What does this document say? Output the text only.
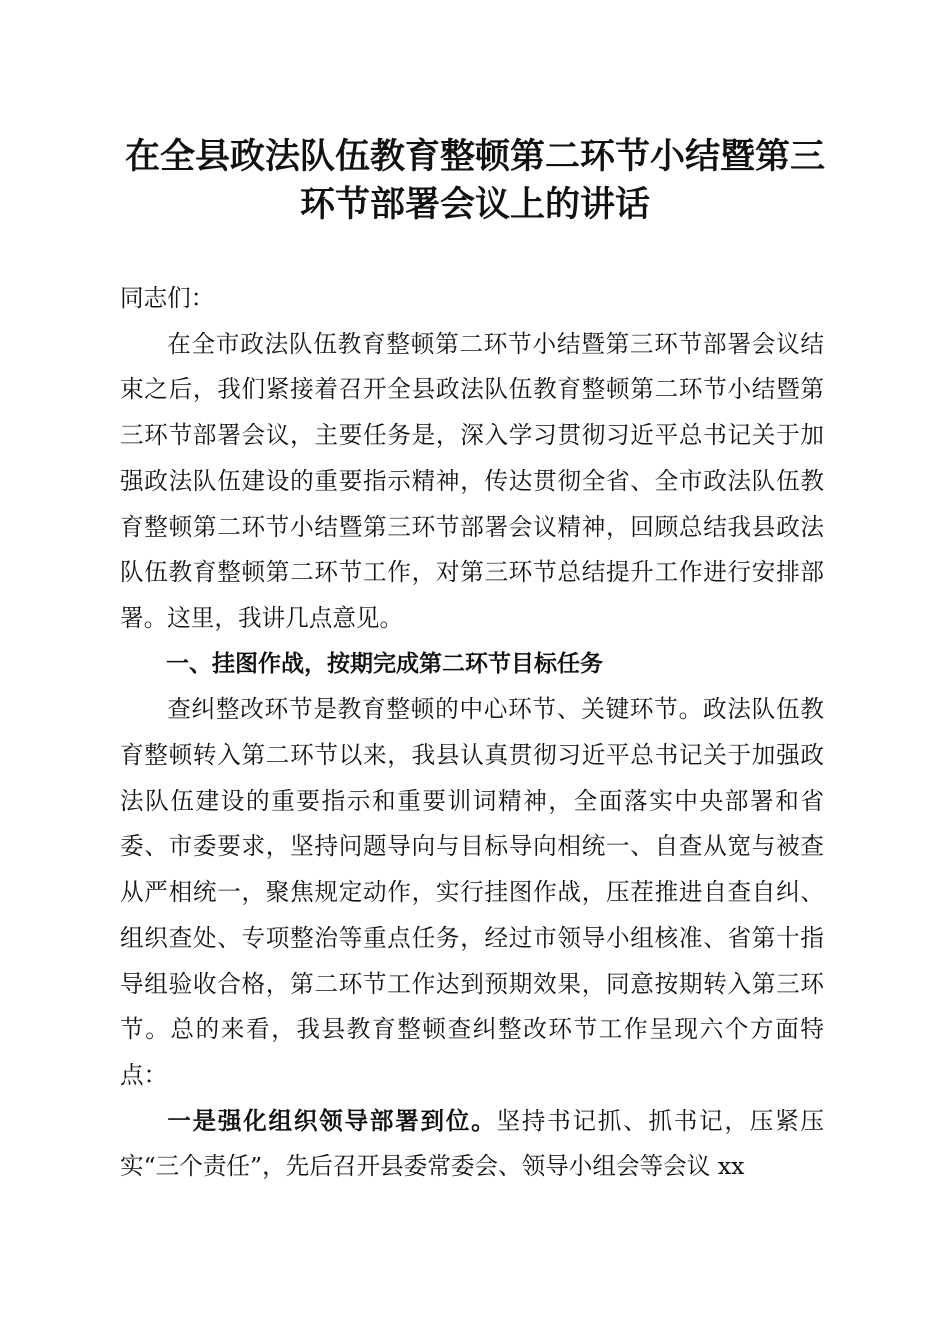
在全县政法队伍教育整顿第二环节小结暨第三
环节部署会议上的讲话

同志们：

在全市政法队伍教育整顿第二环节小结暨第三环节部署会议结束之后，我们紧接着召开全县政法队伍教育整顿第二环节小结暨第三环节部署会议，主要任务是，深入学习贯彻习近平总书记关于加强政法队伍建设的重要指示精神，传达贯彻全省、全市政法队伍教育整顿第二环节小结暨第三环节部署会议精神，回顾总结我县政法队伍教育整顿第二环节工作，对第三环节总结提升工作进行安排部署。这里，我讲几点意见。

一、挂图作战，按期完成第二环节目标任务

查纠整改环节是教育整顿的中心环节、关键环节。政法队伍教育整顿转入第二环节以来，我县认真贯彻习近平总书记关于加强政法队伍建设的重要指示和重要训词精神，全面落实中央部署和省委、市委要求，坚持问题导向与目标导向相统一、自查从宽与被查从严相统一，聚焦规定动作，实行挂图作战，压茬推进自查自纠、组织查处、专项整治等重点任务，经过市领导小组核准、省第十指导组验收合格，第二环节工作达到预期效果，同意按期转入第三环节。总的来看，我县教育整顿查纠整改环节工作呈现六个方面特点：

一是强化组织领导部署到位。坚持书记抓、抓书记，压紧压实“三个责任”，先后召开县委常委会、领导小组会等会议 xx
